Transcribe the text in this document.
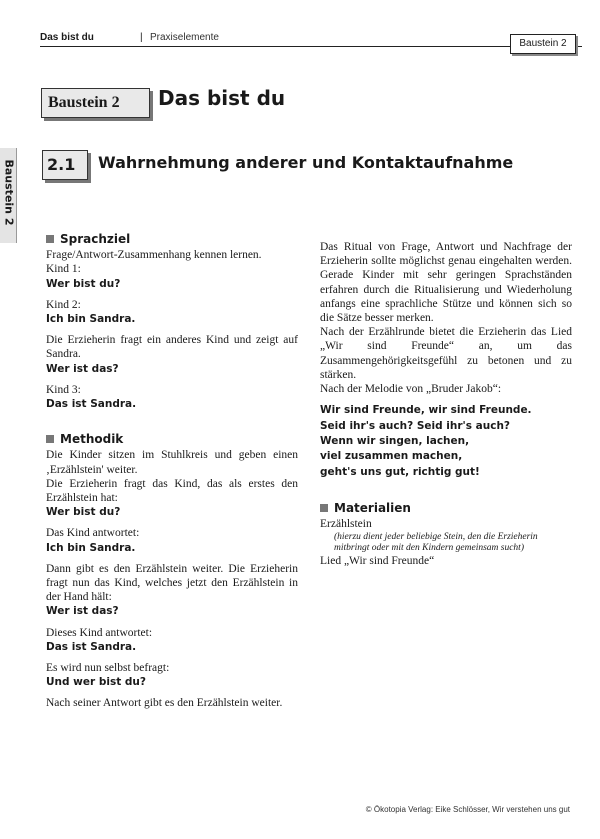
Das bist du	| Praxiselemente
Baustein 2
Baustein 2
Baustein 2	Das bist du
2.1	Wahrnehmung anderer und Kontaktaufnahme
Sprachziel

Frage/Antwort-Zusammenhang kennen lernen.

Kind 1:

Wer bist du?

Kind 2:

Ich bin Sandra.

Die Erzieherin fragt ein anderes Kind und zeigt auf Sandra.

Wer ist das?

Kind 3:

Das ist Sandra.

Methodik

Die Kinder sitzen im Stuhlkreis und geben einen ‚Erzählstein' weiter.

Die Erzieherin fragt das Kind, das als erstes den Erzählstein hat:

Wer bist du?

Das Kind antwortet:

Ich bin Sandra.

Dann gibt es den Erzählstein weiter. Die Erzieherin fragt nun das Kind, welches jetzt den Erzählstein in der Hand hält:

Wer ist das?

Dieses Kind antwortet:

Das ist Sandra.

Es wird nun selbst befragt:

Und wer bist du?

Nach seiner Antwort gibt es den Erzählstein weiter.

Das Ritual von Frage, Antwort und Nachfrage der Erzieherin sollte möglichst genau eingehalten werden. Gerade Kinder mit sehr geringen Sprachständen erfahren durch die Ritualisierung und Wiederholung anfangs eine sprachliche Stütze und können sich so die Sätze besser merken.

Nach der Erzählrunde bietet die Erzieherin das Lied „Wir sind Freunde“ an, um das Zusammengehörigkeitsgefühl zu betonen und zu stärken.

Nach der Melodie von „Bruder Jakob“:

Wir sind Freunde, wir sind Freunde.
Seid ihr's auch? Seid ihr's auch?
Wenn wir singen, lachen,
viel zusammen machen,
geht's uns gut, richtig gut!
Materialien

Erzählstein

(hierzu dient jeder beliebige Stein, den die Erzieherin mitbringt oder mit den Kindern gemeinsam sucht)

Lied „Wir sind Freunde“

© Ökotopia Verlag: Eike Schlösser, Wir verstehen uns gut
